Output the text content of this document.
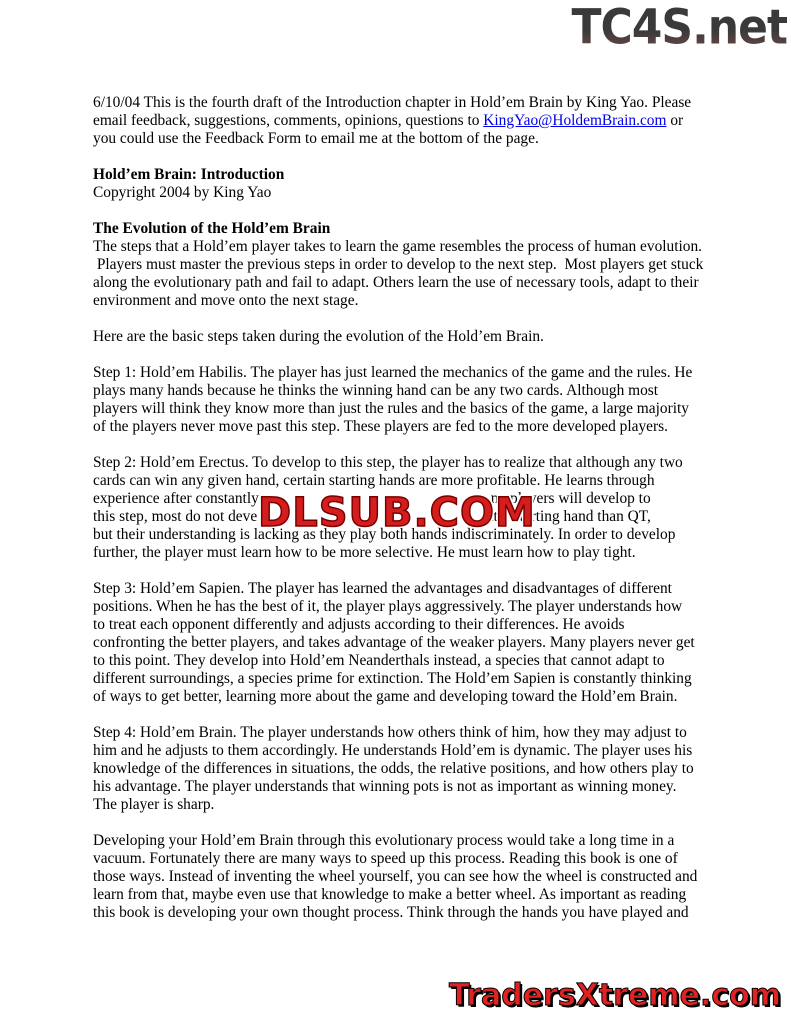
TC4S.net
6/10/04 This is the fourth draft of the Introduction chapter in Hold’em Brain by King Yao. Please
email feedback, suggestions, comments, opinions, questions to KingYao@HoldemBrain.com or
you could use the Feedback Form to email me at the bottom of the page.
Hold’em Brain: Introduction
Copyright 2004 by King Yao
The Evolution of the Hold’em Brain
The steps that a Hold’em player takes to learn the game resembles the process of human evolution.
Players must master the previous steps in order to develop to the next step.  Most players get stuck
along the evolutionary path and fail to adapt. Others learn the use of necessary tools, adapt to their
environment and move onto the next stage.
Here are the basic steps taken during the evolution of the Hold’em Brain.
Step 1: Hold’em Habilis. The player has just learned the mechanics of the game and the rules. He
plays many hands because he thinks the winning hand can be any two cards. Although most
players will think they know more than just the rules and the basics of the game, a large majority
of the players never move past this step. These players are fed to the more developed players.
Step 2: Hold’em Erectus. To develop to this step, the player has to realize that although any two
cards can win any given hand, certain starting hands are more profitable. He learns through
experience after constantly	ny players will develop to
this step, most do not deve	tter starting hand than QT,
but their understanding is lacking as they play both hands indiscriminately. In order to develop
further, the player must learn how to be more selective. He must learn how to play tight.
Step 3: Hold’em Sapien. The player has learned the advantages and disadvantages of different
positions. When he has the best of it, the player plays aggressively. The player understands how
to treat each opponent differently and adjusts according to their differences. He avoids
confronting the better players, and takes advantage of the weaker players. Many players never get
to this point. They develop into Hold’em Neanderthals instead, a species that cannot adapt to
different surroundings, a species prime for extinction. The Hold’em Sapien is constantly thinking
of ways to get better, learning more about the game and developing toward the Hold’em Brain.
Step 4: Hold’em Brain. The player understands how others think of him, how they may adjust to
him and he adjusts to them accordingly. He understands Hold’em is dynamic. The player uses his
knowledge of the differences in situations, the odds, the relative positions, and how others play to
his advantage. The player understands that winning pots is not as important as winning money.
The player is sharp.
Developing your Hold’em Brain through this evolutionary process would take a long time in a
vacuum. Fortunately there are many ways to speed up this process. Reading this book is one of
those ways. Instead of inventing the wheel yourself, you can see how the wheel is constructed and
learn from that, maybe even use that knowledge to make a better wheel. As important as reading
this book is developing your own thought process. Think through the hands you have played and
DLSUB.COM
TradersXtreme.com
